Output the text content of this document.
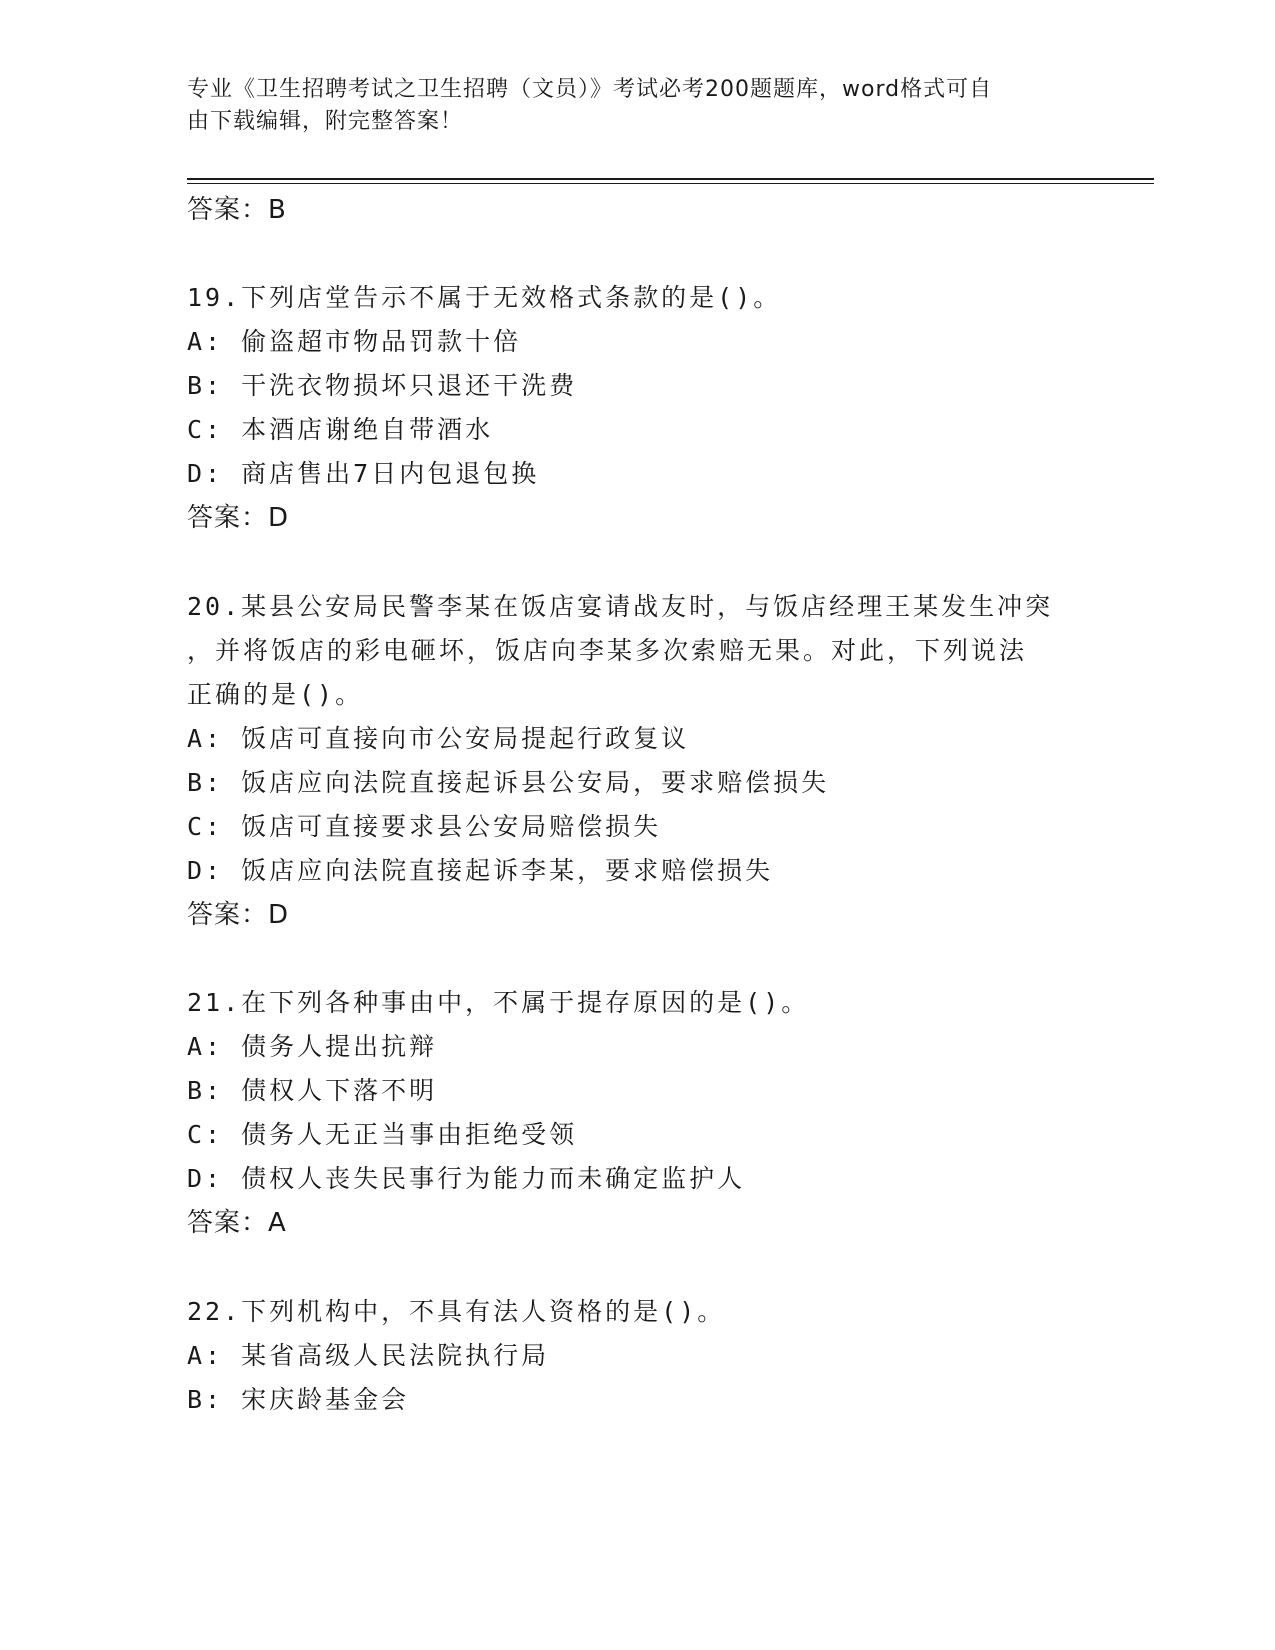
专业《卫生招聘考试之卫生招聘（文员）》考试必考200题题库，word格式可自
由下载编辑，附完整答案！
答案：B
19.下列店堂告示不属于无效格式条款的是()。
A: 偷盗超市物品罚款十倍
B: 干洗衣物损坏只退还干洗费
C: 本酒店谢绝自带酒水
D: 商店售出7日内包退包换
答案：D
20.某县公安局民警李某在饭店宴请战友时，与饭店经理王某发生冲突
，并将饭店的彩电砸坏，饭店向李某多次索赔无果。对此，下列说法
正确的是()。
A: 饭店可直接向市公安局提起行政复议
B: 饭店应向法院直接起诉县公安局，要求赔偿损失
C: 饭店可直接要求县公安局赔偿损失
D: 饭店应向法院直接起诉李某，要求赔偿损失
答案：D
21.在下列各种事由中，不属于提存原因的是()。
A: 债务人提出抗辩
B: 债权人下落不明
C: 债务人无正当事由拒绝受领
D: 债权人丧失民事行为能力而未确定监护人
答案：A
22.下列机构中，不具有法人资格的是()。
A: 某省高级人民法院执行局
B: 宋庆龄基金会
